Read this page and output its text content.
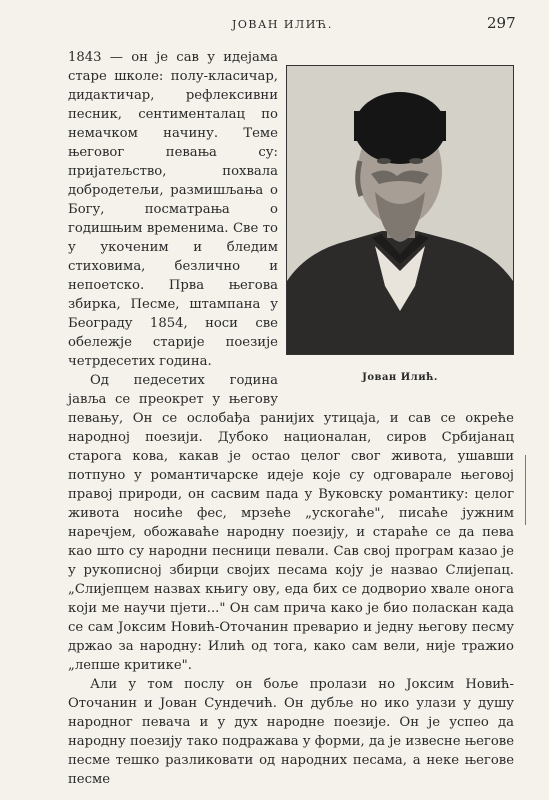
ЈОВАН ИЛИЋ.	297
Јован Илић.

1843 — он је сав у идејама старе школе: полу-класичар, дидактичар, рефлексивни песник, сентименталац по немачком начину. Теме његовог певања су: пријатељство, похвала добродетељи, размишљања о Богу, посматрања о годишњим временима. Све то у укоченим и бледим стиховима, безлично и непоетско. Прва његова збирка, Песме, штампана у Београду 1854, носи све обележје старије поезије четрдесетих година.

Од педесетих година јавља се преокрет у његову певању, Он се ослобађа ранијих утицаја, и сав се окреће народној поезији. Дубоко националан, сиров Србијанац старога кова, какав је остао целог свог живота, ушавши потпуно у романтичарске идеје које су одговарале његовој правој природи, он сасвим пада у Вуковску романтику: целог живота носиће фес, мрзеће „ускогаће", писаће јужним наречјем, обожаваће народну поезију, и стараће се да пева као што су народни песници певали. Сав свој програм казао је у рукописној збирци својих песама коју је назвао Слијепац. „Слијепцем назвах књигу ову, еда бих се додворио хвале онога који ме научи пјети..." Он сам прича како је био поласкан када се сам Јоксим Новић-Оточанин преварио и једну његову песму држао за народну: Илић од тога, како сам вели, није тражио „лепше критике".

Али у том послу он боље пролази но Јоксим Новић-Оточанин и Јован Сундечић. Он дубље но ико улази у душу народног певача и у дух народне поезије. Он је успео да народну поезију тако подражава у форми, да је извесне његове песме тешко разликовати од народних песама, а неке његове песме
